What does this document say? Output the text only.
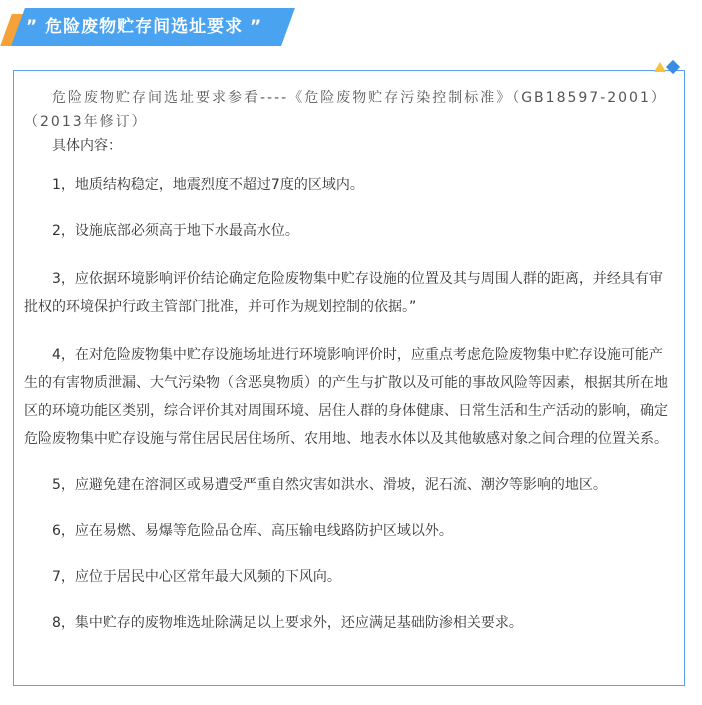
” 危险废物贮存间选址要求 ”

危险废物贮存间选址要求参看----《危险废物贮存污染控制标准》（GB18597-2001）（2013年修订）

具体内容：

1，地质结构稳定，地震烈度不超过7度的区域内。

2，设施底部必须高于地下水最高水位。

3，应依据环境影响评价结论确定危险废物集中贮存设施的位置及其与周围人群的距离，并经具有审批权的环境保护行政主管部门批准，并可作为规划控制的依据。”

4，在对危险废物集中贮存设施场址进行环境影响评价时，应重点考虑危险废物集中贮存设施可能产生的有害物质泄漏、大气污染物（含恶臭物质）的产生与扩散以及可能的事故风险等因素，根据其所在地区的环境功能区类别，综合评价其对周围环境、居住人群的身体健康、日常生活和生产活动的影响，确定危险废物集中贮存设施与常住居民居住场所、农用地、地表水体以及其他敏感对象之间合理的位置关系。

5，应避免建在溶洞区或易遭受严重自然灾害如洪水、滑坡，泥石流、潮汐等影响的地区。

6，应在易燃、易爆等危险品仓库、高压输电线路防护区域以外。

7，应位于居民中心区常年最大风频的下风向。

8，集中贮存的废物堆选址除满足以上要求外，还应满足基础防渗相关要求。
